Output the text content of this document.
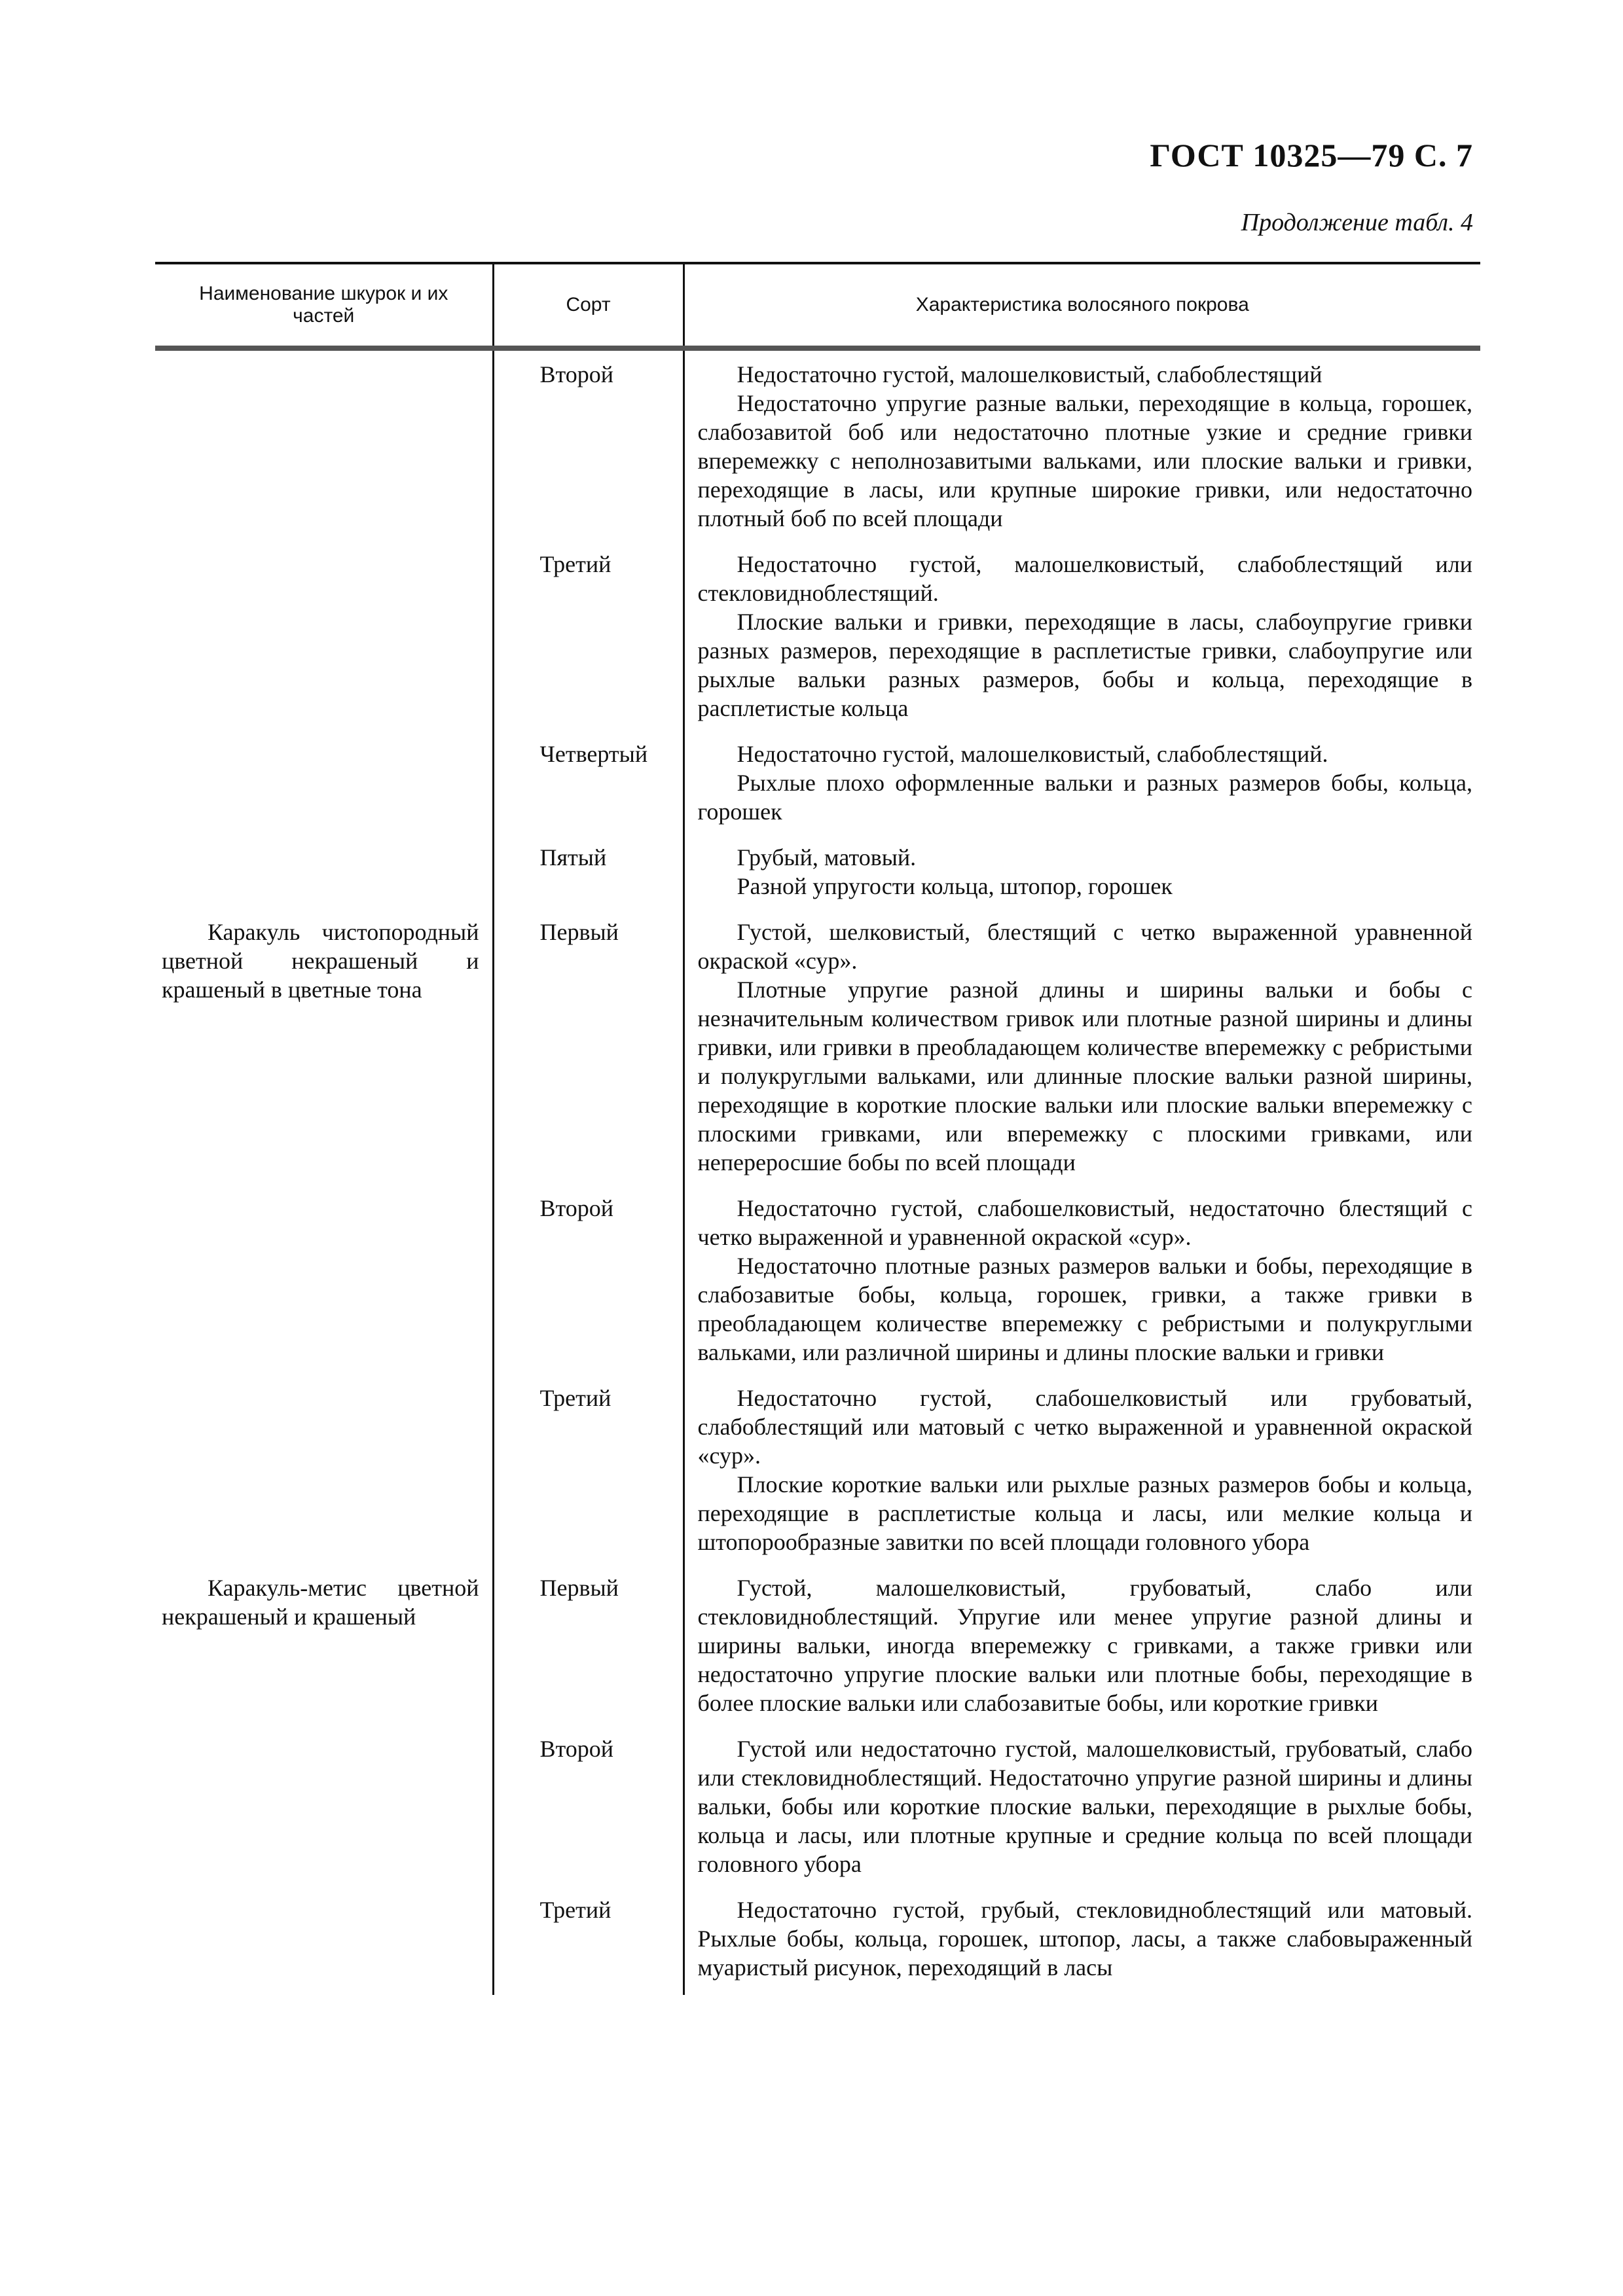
ГОСТ 10325—79 С. 7
Продолжение табл. 4
Наименование шкурок и их частей	Сорт	Характеристика волосяного покрова
	Второй	Недостаточно густой, малошелковистый, слабоблестящий

Недостаточно упругие разные вальки, переходящие в кольца, горошек, слабозавитой боб или недостаточно плотные узкие и средние гривки вперемежку с неполнозавитыми вальками, или плоские вальки и гривки, переходящие в ласы, или крупные широкие гривки, или недостаточно плотный боб по всей площади

	Третий	Недостаточно густой, малошелковистый, слабоблестящий или стекловидноблестящий.

Плоские вальки и гривки, переходящие в ласы, слабоупругие гривки разных размеров, переходящие в расплетистые гривки, слабоупругие или рыхлые вальки разных размеров, бобы и кольца, переходящие в расплетистые кольца

	Четвертый	Недостаточно густой, малошелковистый, слабоблестящий.

Рыхлые плохо оформленные вальки и разных размеров бобы, кольца, горошек

	Пятый	Грубый, матовый.

Разной упругости кольца, штопор, горошек

Каракуль чистопородный цветной некрашеный и крашеный в цветные тона	Первый	Густой, шелковистый, блестящий с четко выраженной уравненной окраской «сур».

Плотные упругие разной длины и ширины вальки и бобы с незначительным количеством гривок или плотные разной ширины и длины гривки, или гривки в преобладающем количестве вперемежку с ребристыми и полукруглыми вальками, или длинные плоские вальки разной ширины, переходящие в короткие плоские вальки или плоские вальки вперемежку с плоскими гривками, или вперемежку с плоскими гривками, или непереросшие бобы по всей площади

	Второй	Недостаточно густой, слабошелковистый, недостаточно блестящий с четко выраженной и уравненной окраской «сур».

Недостаточно плотные разных размеров вальки и бобы, переходящие в слабозавитые бобы, кольца, горошек, гривки, а также гривки в преобладающем количестве вперемежку с ребристыми и полукруглыми вальками, или различной ширины и длины плоские вальки и гривки

	Третий	Недостаточно густой, слабошелковистый или грубоватый, слабоблестящий или матовый с четко выраженной и уравненной окраской «сур».

Плоские короткие вальки или рыхлые разных размеров бобы и кольца, переходящие в расплетистые кольца и ласы, или мелкие кольца и штопорообразные завитки по всей площади головного убора

Каракуль-метис цветной некрашеный и крашеный	Первый	Густой, малошелковистый, грубоватый, слабо или стекловидноблестящий. Упругие или менее упругие разной длины и ширины вальки, иногда вперемежку с гривками, а также гривки или недостаточно упругие плоские вальки или плотные бобы, переходящие в более плоские вальки или слабозавитые бобы, или короткие гривки

	Второй	Густой или недостаточно густой, малошелковистый, грубоватый, слабо или стекловидноблестящий. Недостаточно упругие разной ширины и длины вальки, бобы или короткие плоские вальки, переходящие в рыхлые бобы, кольца и ласы, или плотные крупные и средние кольца по всей площади головного убора

	Третий	Недостаточно густой, грубый, стекловидноблестящий или матовый. Рыхлые бобы, кольца, горошек, штопор, ласы, а также слабовыраженный муаристый рисунок, переходящий в ласы
